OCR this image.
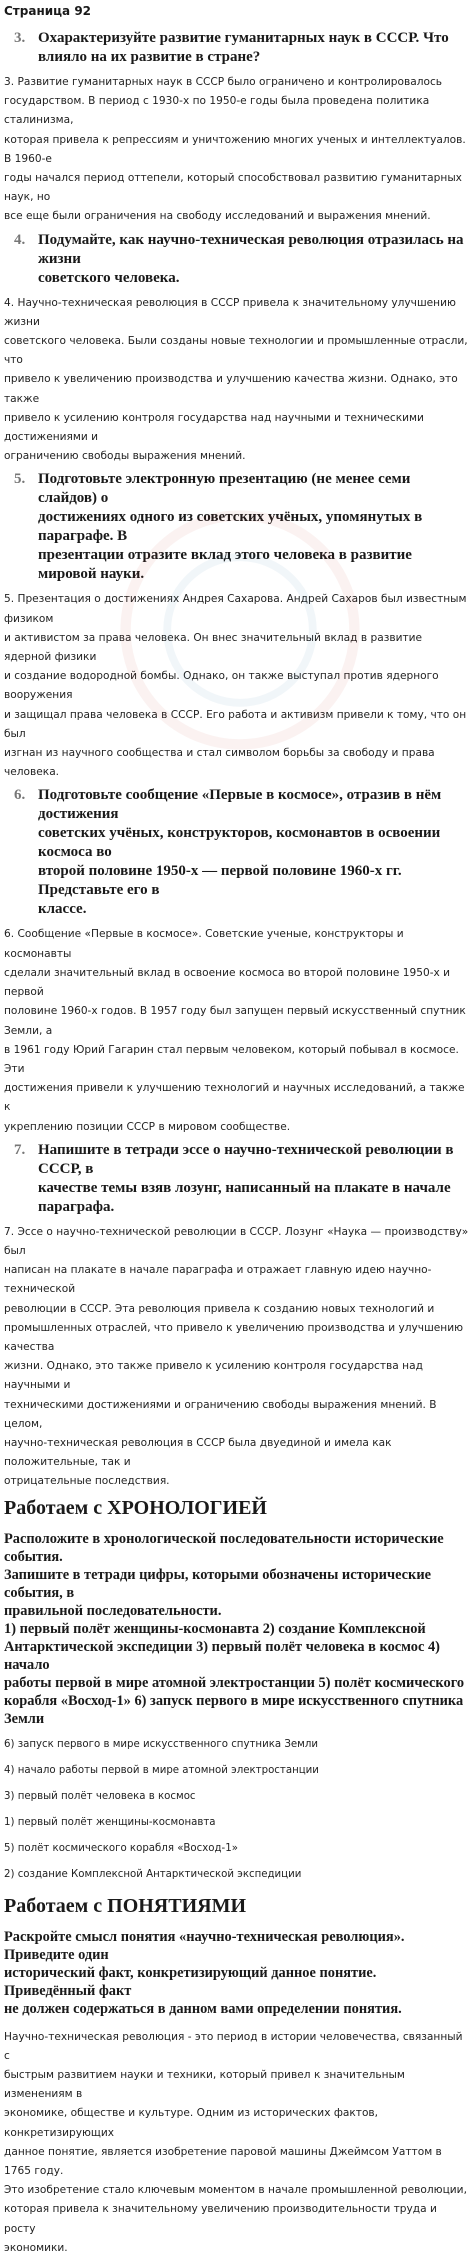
Страница 92
3. Охарактеризуйте развитие гуманитарных наук в СССР. Что влияло на их развитие в стране?
3. Развитие гуманитарных наук в СССР было ограничено и контролировалось
государством. В период с 1930-х по 1950-е годы была проведена политика сталинизма,
которая привела к репрессиям и уничтожению многих ученых и интеллектуалов. В 1960-е
годы начался период оттепели, который способствовал развитию гуманитарных наук, но
все еще были ограничения на свободу исследований и выражения мнений.
4. Подумайте, как научно-техническая революция отразилась на жизни
советского человека.
4. Научно-техническая революция в СССР привела к значительному улучшению жизни
советского человека. Были созданы новые технологии и промышленные отрасли, что
привело к увеличению производства и улучшению качества жизни. Однако, это также
привело к усилению контроля государства над научными и техническими достижениями и
ограничению свободы выражения мнений.
5. Подготовьте электронную презентацию (не менее семи слайдов) о
достижениях одного из советских учёных, упомянутых в параграфе. В
презентации отразите вклад этого человека в развитие мировой науки.
5. Презентация о достижениях Андрея Сахарова. Андрей Сахаров был известным физиком
и активистом за права человека. Он внес значительный вклад в развитие ядерной физики
и создание водородной бомбы. Однако, он также выступал против ядерного вооружения
и защищал права человека в СССР. Его работа и активизм привели к тому, что он был
изгнан из научного сообщества и стал символом борьбы за свободу и права человека.
6. Подготовьте сообщение «Первые в космосе», отразив в нём достижения
советских учёных, конструкторов, космонавтов в освоении космоса во
второй половине 1950-х — первой половине 1960-х гг. Представьте его в
классе.
6. Сообщение «Первые в космосе». Советские ученые, конструкторы и космонавты
сделали значительный вклад в освоение космоса во второй половине 1950-х и первой
половине 1960-х годов. В 1957 году был запущен первый искусственный спутник Земли, а
в 1961 году Юрий Гагарин стал первым человеком, который побывал в космосе. Эти
достижения привели к улучшению технологий и научных исследований, а также к
укреплению позиции СССР в мировом сообществе.
7. Напишите в тетради эссе о научно-технической революции в СССР, в
качестве темы взяв лозунг, написанный на плакате в начале
параграфа.
7. Эссе о научно-технической революции в СССР. Лозунг «Наука — производству» был
написан на плакате в начале параграфа и отражает главную идею научно-технической
революции в СССР. Эта революция привела к созданию новых технологий и
промышленных отраслей, что привело к увеличению производства и улучшению качества
жизни. Однако, это также привело к усилению контроля государства над научными и
техническими достижениями и ограничению свободы выражения мнений. В целом,
научно-техническая революция в СССР была двуединой и имела как положительные, так и
отрицательные последствия.
Работаем с ХРОНОЛОГИЕЙ
Расположите в хронологической последовательности исторические события.
Запишите в тетради цифры, которыми обозначены исторические события, в
правильной последовательности.
1) первый полёт женщины-космонавта 2) создание Комплексной
Антарктической экспедиции 3) первый полёт человека в космос 4) начало
работы первой в мире атомной электростанции 5) полёт космического
корабля «Восход-1» 6) запуск первого в мире искусственного спутника Земли
6) запуск первого в мире искусственного спутника Земли
4) начало работы первой в мире атомной электростанции
3) первый полёт человека в космос
1) первый полёт женщины-космонавта
5) полёт космического корабля «Восход-1»
2) создание Комплексной Антарктической экспедиции
Работаем с ПОНЯТИЯМИ
Раскройте смысл понятия «научно-техническая революция». Приведите один
исторический факт, конкретизирующий данное понятие. Приведённый факт
не должен содержаться в данном вами определении понятия.
Научно-техническая революция - это период в истории человечества, связанный с
быстрым развитием науки и техники, который привел к значительным изменениям в
экономике, обществе и культуре. Одним из исторических фактов, конкретизирующих
данное понятие, является изобретение паровой машины Джеймсом Уаттом в 1765 году.
Это изобретение стало ключевым моментом в начале промышленной революции,
которая привела к значительному увеличению производительности труда и росту
экономики.
